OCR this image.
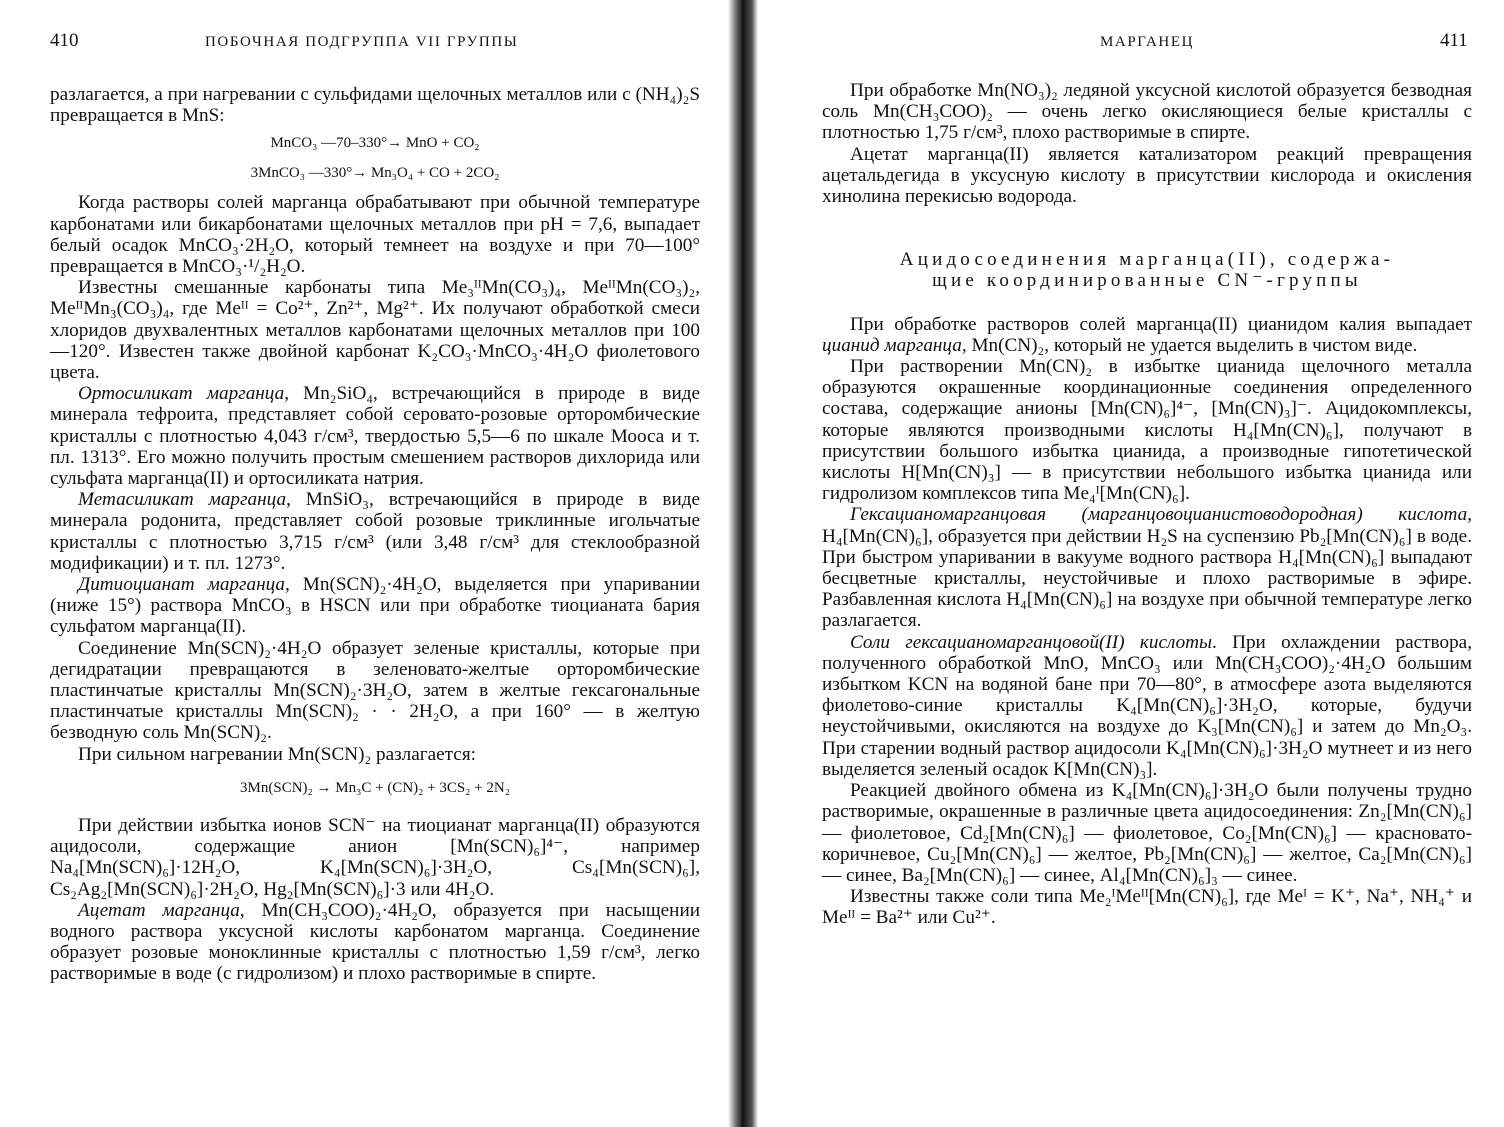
410	ПОБОЧНАЯ ПОДГРУППА VII ГРУППЫ

разлагается, а при нагревании с сульфидами щелочных металлов или с (NH₄)₂S превращается в MnS:

MnCO₃ —70–330°→ MnO + CO₂
3MnCO₃ —330°→ Mn₃O₄ + CO + 2CO₂

Когда растворы солей марганца обрабатывают при обычной температуре карбонатами или бикарбонатами щелочных металлов при pH = 7,6, выпадает белый осадок MnCO₃·2H₂O, который темнеет на воздухе и при 70—100° превращается в MnCO₃·¹/₂H₂O.

Известны смешанные карбонаты типа Me₃ᴵᴵMn(CO₃)₄, MeᴵᴵMn(CO₃)₂, MeᴵᴵMn₃(CO₃)₄, где Meᴵᴵ = Co²⁺, Zn²⁺, Mg²⁺. Их получают обработкой смеси хлоридов двухвалентных металлов карбонатами щелочных металлов при 100—120°. Известен также двойной карбонат K₂CO₃·MnCO₃·4H₂O фиолетового цвета.

Ортосиликат марганца, Mn₂SiO₄, встречающийся в природе в виде минерала тефроита, представляет собой серовато-розовые орторомбические кристаллы с плотностью 4,043 г/см³, твердостью 5,5—6 по шкале Мооса и т. пл. 1313°. Его можно получить простым смешением растворов дихлорида или сульфата марганца(II) и ортосиликата натрия.

Метасиликат марганца, MnSiO₃, встречающийся в природе в виде минерала родонита, представляет собой розовые триклинные игольчатые кристаллы с плотностью 3,715 г/см³ (или 3,48 г/см³ для стеклообразной модификации) и т. пл. 1273°.

Дитиоцианат марганца, Mn(SCN)₂·4H₂O, выделяется при упаривании (ниже 15°) раствора MnCO₃ в HSCN или при обработке тиоцианата бария сульфатом марганца(II).

Соединение Mn(SCN)₂·4H₂O образует зеленые кристаллы, которые при дегидратации превращаются в зеленовато-желтые орторомбические пластинчатые кристаллы Mn(SCN)₂·3H₂O, затем в желтые гексагональные пластинчатые кристаллы Mn(SCN)₂ · · 2H₂O, а при 160° — в желтую безводную соль Mn(SCN)₂.

При сильном нагревании Mn(SCN)₂ разлагается:

3Mn(SCN)₂ → Mn₃C + (CN)₂ + 3CS₂ + 2N₂

При действии избытка ионов SCN⁻ на тиоцианат марганца(II) образуются ацидосоли, содержащие анион [Mn(SCN)₆]⁴⁻, например Na₄[Mn(SCN)₆]·12H₂O, K₄[Mn(SCN)₆]·3H₂O, Cs₄[Mn(SCN)₆], Cs₂Ag₂[Mn(SCN)₆]·2H₂O, Hg₂[Mn(SCN)₆]·3 или 4H₂O.

Ацетат марганца, Mn(CH₃COO)₂·4H₂O, образуется при насыщении водного раствора уксусной кислоты карбонатом марганца. Соединение образует розовые моноклинные кристаллы с плотностью 1,59 г/см³, легко растворимые в воде (с гидролизом) и плохо растворимые в спирте.

МАРГАНЕЦ	411

При обработке Mn(NO₃)₂ ледяной уксусной кислотой образуется безводная соль Mn(CH₃COO)₂ — очень легко окисляющиеся белые кристаллы с плотностью 1,75 г/см³, плохо растворимые в спирте.

Ацетат марганца(II) является катализатором реакций превращения ацетальдегида в уксусную кислоту в присутствии кислорода и окисления хинолина перекисью водорода.

Ацидосоединения марганца(II), содержа-

щие координированные CN⁻-группы

При обработке растворов солей марганца(II) цианидом калия выпадает цианид марганца, Mn(CN)₂, который не удается выделить в чистом виде.

При растворении Mn(CN)₂ в избытке цианида щелочного металла образуются окрашенные координационные соединения определенного состава, содержащие анионы [Mn(CN)₆]⁴⁻, [Mn(CN)₃]⁻. Ацидокомплексы, которые являются производными кислоты H₄[Mn(CN)₆], получают в присутствии большого избытка цианида, а производные гипотетической кислоты H[Mn(CN)₃] — в присутствии небольшого избытка цианида или гидролизом комплексов типа Me₄ᴵ[Mn(CN)₆].

Гексацианомарганцовая (марганцовоцианистоводородная) кислота, H₄[Mn(CN)₆], образуется при действии H₂S на суспензию Pb₂[Mn(CN)₆] в воде. При быстром упаривании в вакууме водного раствора H₄[Mn(CN)₆] выпадают бесцветные кристаллы, неустойчивые и плохо растворимые в эфире. Разбавленная кислота H₄[Mn(CN)₆] на воздухе при обычной температуре легко разлагается.

Соли гексацианомарганцовой(II) кислоты. При охлаждении раствора, полученного обработкой MnO, MnCO₃ или Mn(CH₃COO)₂·4H₂O большим избытком KCN на водяной бане при 70—80°, в атмосфере азота выделяются фиолетово-синие кристаллы K₄[Mn(CN)₆]·3H₂O, которые, будучи неустойчивыми, окисляются на воздухе до K₃[Mn(CN)₆] и затем до Mn₂O₃. При старении водный раствор ацидосоли K₄[Mn(CN)₆]·3H₂O мутнеет и из него выделяется зеленый осадок K[Mn(CN)₃].

Реакцией двойного обмена из K₄[Mn(CN)₆]·3H₂O были получены трудно растворимые, окрашенные в различные цвета ацидосоединения: Zn₂[Mn(CN)₆] — фиолетовое, Cd₂[Mn(CN)₆] — фиолетовое, Co₂[Mn(CN)₆] — красновато-коричневое, Cu₂[Mn(CN)₆] — желтое, Pb₂[Mn(CN)₆] — желтое, Ca₂[Mn(CN)₆] — синее, Ba₂[Mn(CN)₆] — синее, Al₄[Mn(CN)₆]₃ — синее.

Известны также соли типа Me₂ᴵMeᴵᴵ[Mn(CN)₆], где Meᴵ = K⁺, Na⁺, NH₄⁺ и Meᴵᴵ = Ba²⁺ или Cu²⁺.
